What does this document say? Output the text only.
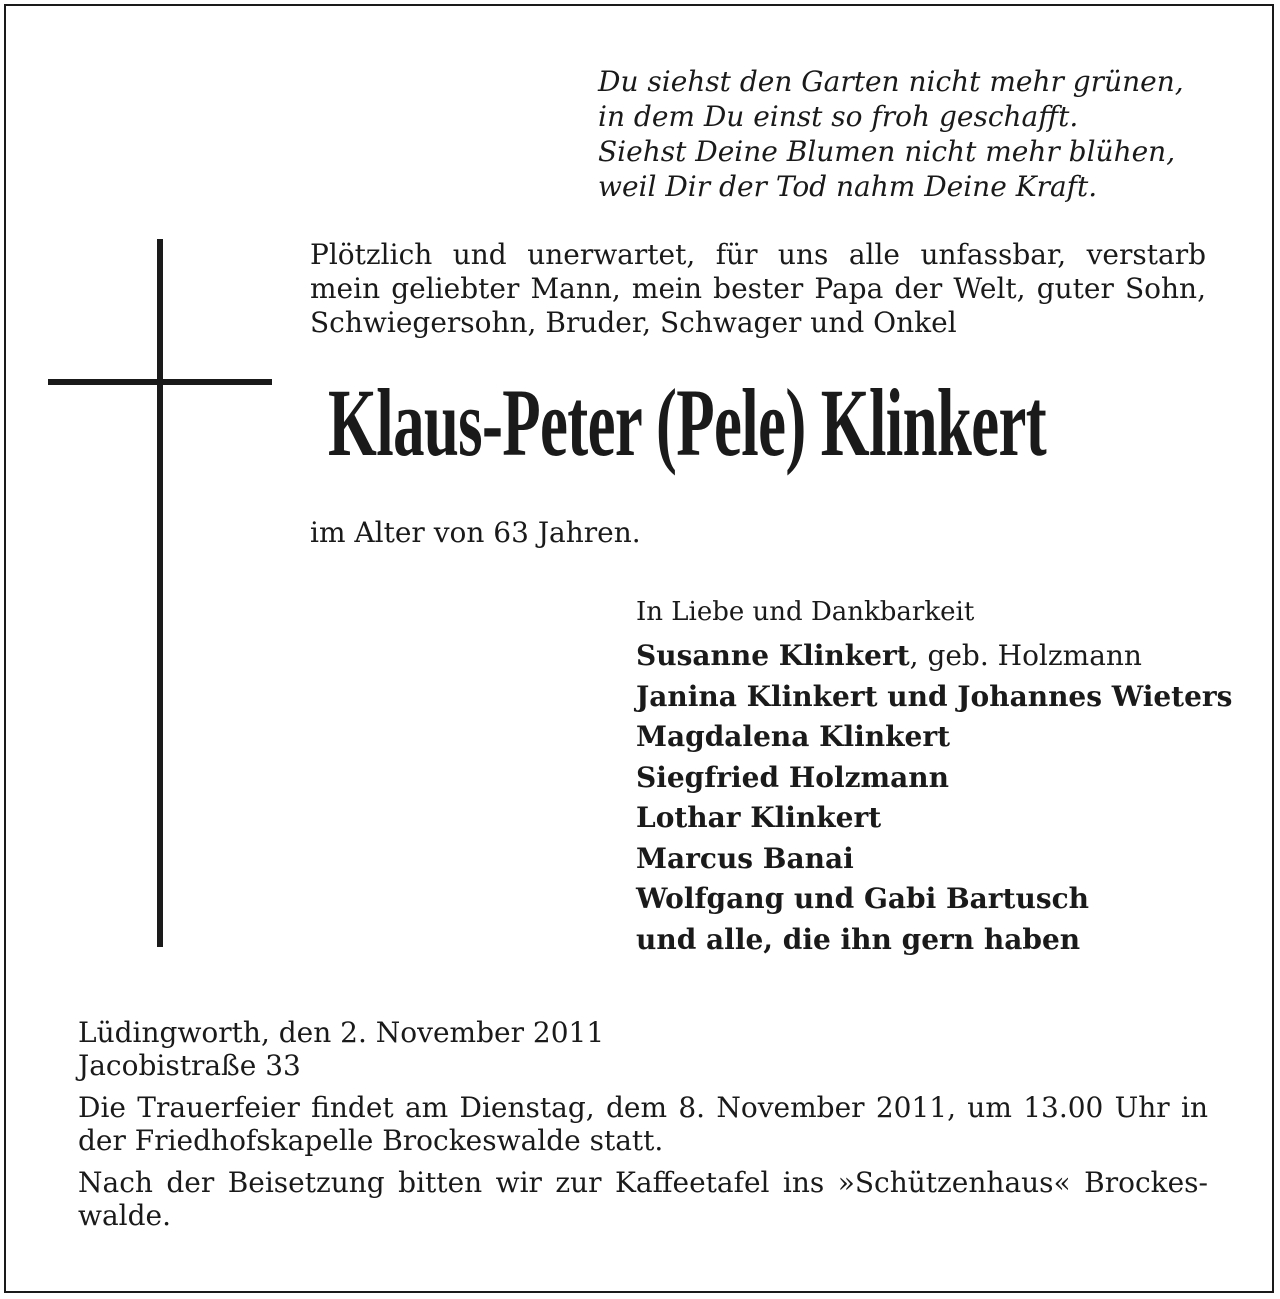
Du siehst den Garten nicht mehr grünen,
in dem Du einst so froh geschafft.
Siehst Deine Blumen nicht mehr blühen,
weil Dir der Tod nahm Deine Kraft.
Plötzlich und unerwartet, für uns alle unfassbar, verstarb
mein geliebter Mann, mein bester Papa der Welt, guter Sohn,
Schwiegersohn, Bruder, Schwager und Onkel
Klaus-Peter (Pele) Klinkert
im Alter von 63 Jahren.
In Liebe und Dankbarkeit
Susanne Klinkert, geb. Holzmann
Janina Klinkert und Johannes Wieters
Magdalena Klinkert
Siegfried Holzmann
Lothar Klinkert
Marcus Banai
Wolfgang und Gabi Bartusch
und alle, die ihn gern haben
Lüdingworth, den 2. November 2011
Jacobistraße 33
Die Trauerfeier findet am Dienstag, dem 8. November 2011, um 13.00 Uhr in
der Friedhofskapelle Brockeswalde statt.
Nach der Beisetzung bitten wir zur Kaffeetafel ins »Schützenhaus« Brockes-
walde.
